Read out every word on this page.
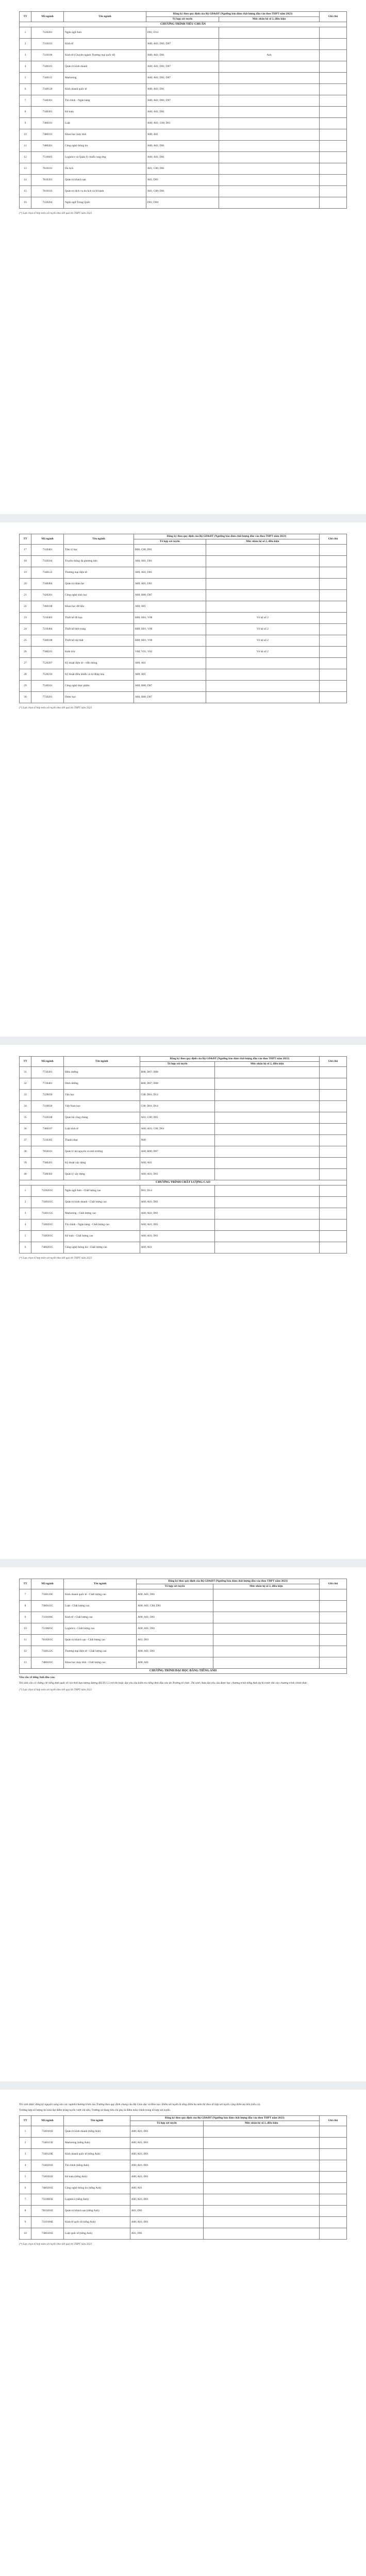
TT	Mã ngành	Tên ngành	Đăng ký theo quy định của Bộ GD&ĐT (Ngưỡng bảo đảm chất lượng đầu vào theo THPT năm 2023)		Ghi chú
			Tổ hợp xét tuyển	Mức nhân hệ số 2, điều kiện	
CHƯƠNG TRÌNH TIÊU CHUẨN					
1	7220201	Ngôn ngữ Anh	D01; D14		
2	7310101	Kinh tế	A00; A01; D01; D07		
3	7310106	Kinh tế (Chuyên ngành Thương mại quốc tế)	A00; A01; D01	Anh	
4	7340101	Quản trị kinh doanh	A00; A01; D01; D07		
5	7340115	Marketing	A00; A01; D01; D07		
6	7340120	Kinh doanh quốc tế	A00; A01; D01		
7	7340201	Tài chính - Ngân hàng	A00; A01; D01; D07		
8	7340301	Kế toán	A00; A01; D01		
9	7380101	Luật	A00; A01; C00; D01		
10	7480101	Khoa học máy tính	A00; A01		
11	7480201	Công nghệ thông tin	A00; A01; D01		
12	7510605	Logistics và Quản lý chuỗi cung ứng	A00; A01; D01		
13	7810101	Du lịch	A01; C00; D01		
14	7810201	Quản trị khách sạn	A01; D01		
15	7810103	Quản trị dịch vụ du lịch và lữ hành	A01; C00; D01		
16	7220204	Ngôn ngữ Trung Quốc	D01; D04		
(*) Lựa chọn tổ hợp môn xét tuyển theo kết quả thi THPT năm 2023
TT	Mã ngành	Tên ngành	Đăng ký theo quy định của Bộ GD&ĐT (Ngưỡng bảo đảm chất lượng đầu vào theo THPT năm 2023)		Ghi chú
			Tổ hợp xét tuyển	Mức nhân hệ số 2, điều kiện	
17	7310401	Tâm lý học	B00; C00; D01		
18	7320104	Truyền thông đa phương tiện	A00; A01; D01		
19	7340122	Thương mại điện tử	A00; A01; D01		
20	7340404	Quản trị nhân lực	A00; A01; D01		
21	7420201	Công nghệ sinh học	A00; B00; D07		
22	7460108	Khoa học dữ liệu	A00; A01		
23	7210403	Thiết kế đồ họa	H00; H01; V00	Vẽ hệ số 2	
24	7210404	Thiết kế thời trang	H00; H01; V00	Vẽ hệ số 2	
25	7580108	Thiết kế nội thất	H00; H01; V00	Vẽ hệ số 2	
26	7580101	Kiến trúc	V00; V01; V02	Vẽ hệ số 2	
27	7520207	Kỹ thuật điện tử - viễn thông	A00; A01		
28	7520216	Kỹ thuật điều khiển và tự động hóa	A00; A01		
29	7540101	Công nghệ thực phẩm	A00; B00; D07		
30	7720201	Dược học	A00; B00; D07		
(*) Lựa chọn tổ hợp môn xét tuyển theo kết quả thi THPT năm 2023
TT	Mã ngành	Tên ngành	Đăng ký theo quy định của Bộ GD&ĐT (Ngưỡng bảo đảm chất lượng đầu vào theo THPT năm 2023)		Ghi chú
			Tổ hợp xét tuyển	Mức nhân hệ số 2, điều kiện	
31	7720301	Điều dưỡng	B00; D07; D08		
32	7720401	Dinh dưỡng	B00; D07; D08		
33	7229030	Văn học	C00; D01; D14		
34	7310630	Việt Nam học	C00; D01; D14		
35	7320108	Quan hệ công chúng	A01; C00; D01		
36	7380107	Luật kinh tế	A00; A01; C00; D01		
37	7210205	Thanh nhạc	N00		
38	7850101	Quản lý tài nguyên và môi trường	A00; B00; D07		
39	7580201	Kỹ thuật xây dựng	A00; A01		
40	7580302	Quản lý xây dựng	A00; A01; D01		
CHƯƠNG TRÌNH CHẤT LƯỢNG CAO					
1	7220201C	Ngôn ngữ Anh - Chất lượng cao	D01; D14		
2	7340101C	Quản trị kinh doanh - Chất lượng cao	A00; A01; D01		
3	7340115C	Marketing - Chất lượng cao	A00; A01; D01		
4	7340201C	Tài chính - Ngân hàng - Chất lượng cao	A00; A01; D01		
5	7340301C	Kế toán - Chất lượng cao	A00; A01; D01		
6	7480201C	Công nghệ thông tin - Chất lượng cao	A00; A01		
(*) Lựa chọn tổ hợp môn xét tuyển theo kết quả thi THPT năm 2023
TT	Mã ngành	Tên ngành	Đăng ký theo quy định của Bộ GD&ĐT (Ngưỡng bảo đảm chất lượng đầu vào theo THPT năm 2023)		Ghi chú
			Tổ hợp xét tuyển	Mức nhân hệ số 2, điều kiện	
7	7340120C	Kinh doanh quốc tế - Chất lượng cao	A00; A01; D01		
8	7380101C	Luật - Chất lượng cao	A00; A01; C00; D01		
9	7310106C	Kinh tế - Chất lượng cao	A00; A01; D01		
10	7510605C	Logistics - Chất lượng cao	A00; A01; D01		
11	7810201C	Quản trị khách sạn - Chất lượng cao	A01; D01		
12	7340122C	Thương mại điện tử - Chất lượng cao	A00; A01; D01		
13	7480101C	Khoa học máy tính - Chất lượng cao	A00; A01		
CHƯƠNG TRÌNH ĐẠI HỌC BẰNG TIẾNG ANH					
Yêu cầu về tiếng Anh đầu vào:
Thí sinh cần có chứng chỉ tiếng Anh quốc tế còn thời hạn tương đương IELTS 5.5 trở lên hoặc đạt yêu cầu kiểm tra tiếng Anh đầu vào do Trường tổ chức. Thí sinh chưa đạt yêu cầu được học chương trình tiếng Anh dự bị trước khi vào chương trình chính thức.
(*) Lựa chọn tổ hợp môn xét tuyển theo kết quả thi THPT năm 2023
Thí sinh được đăng ký nguyện vọng vào các ngành/chương trình của Trường theo quy định chung của Bộ Giáo dục và Đào tạo. Điểm xét tuyển là tổng điểm ba môn thi theo tổ hợp xét tuyển cộng điểm ưu tiên (nếu có).
Trường hợp số lượng thí sinh đạt điểm trúng tuyển vượt chỉ tiêu, Trường sử dụng tiêu chí phụ là điểm môn chính trong tổ hợp xét tuyển.
TT	Mã ngành	Tên ngành	Đăng ký theo quy định của Bộ GD&ĐT (Ngưỡng bảo đảm chất lượng đầu vào theo THPT năm 2023)		Ghi chú
			Tổ hợp xét tuyển	Mức nhân hệ số 2, điều kiện	
1	7340101E	Quản trị kinh doanh (tiếng Anh)	A00; A01; D01		
2	7340115E	Marketing (tiếng Anh)	A00; A01; D01		
3	7340120E	Kinh doanh quốc tế (tiếng Anh)	A00; A01; D01		
4	7340201E	Tài chính (tiếng Anh)	A00; A01; D01		
5	7340301E	Kế toán (tiếng Anh)	A00; A01; D01		
6	7480201E	Công nghệ thông tin (tiếng Anh)	A00; A01		
7	7510605E	Logistics (tiếng Anh)	A00; A01; D01		
8	7810201E	Quản trị khách sạn (tiếng Anh)	A01; D01		
9	7310106E	Kinh tế quốc tế (tiếng Anh)	A00; A01; D01		
10	7380101E	Luật quốc tế (tiếng Anh)	A01; D01		
(*) Lựa chọn tổ hợp môn xét tuyển theo kết quả thi THPT năm 2023
